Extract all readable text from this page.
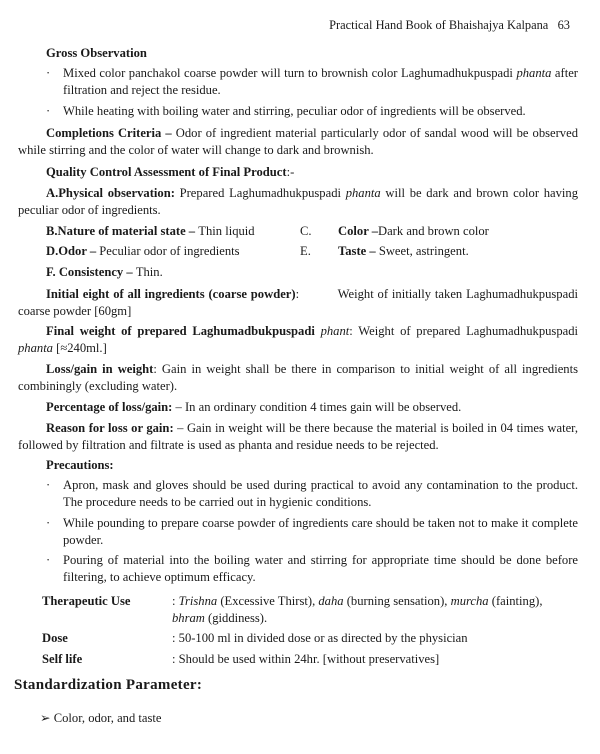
Practical Hand Book of Bhaishajya Kalpana 63
Gross Observation
· Mixed color panchakol coarse powder will turn to brownish color Laghumadhukpuspadi phanta after filtration and reject the residue.
· While heating with boiling water and stirring, peculiar odor of ingredients will be observed.
Completions Criteria – Odor of ingredient material particularly odor of sandal wood will be observed while stirring and the color of water will change to dark and brownish.
Quality Control Assessment of Final Product:-
A.Physical observation: Prepared Laghumadhukpuspadi phanta will be dark and brown color having peculiar odor of ingredients.
B.Nature of material state – Thin liquid	C. Color –Dark and brown color
D.Odor – Peculiar odor of ingredients	E. Taste – Sweet, astringent.
F. Consistency – Thin.
Initial eight of all ingredients (coarse powder):	Weight of initially taken Laghumadhukpuspadi coarse powder [60gm]
Final weight of prepared Laghumadbukpuspadi phant: Weight of prepared Laghumadhukpuspadi phanta [≈240ml.]
Loss/gain in weight: Gain in weight shall be there in comparison to initial weight of all ingredients combiningly (excluding water).
Percentage of loss/gain: – In an ordinary condition 4 times gain will be observed.
Reason for loss or gain: – Gain in weight will be there because the material is boiled in 04 times water, followed by filtration and filtrate is used as phanta and residue needs to be rejected.
Precautions:
· Apron, mask and gloves should be used during practical to avoid any contamination to the product. The procedure needs to be carried out in hygienic conditions.
· While pounding to prepare coarse powder of ingredients care should be taken not to make it complete powder.
· Pouring of material into the boiling water and stirring for appropriate time should be done before filtering, to achieve optimum efficacy.
Therapeutic Use	: Trishna (Excessive Thirst), daha (burning sensation), murcha (fainting), bhram (giddiness).
Dose	: 50-100 ml in divided dose or as directed by the physician
Self life	: Should be used within 24hr. [without preservatives]
Standardization Parameter:
➢ Color, odor, and taste
